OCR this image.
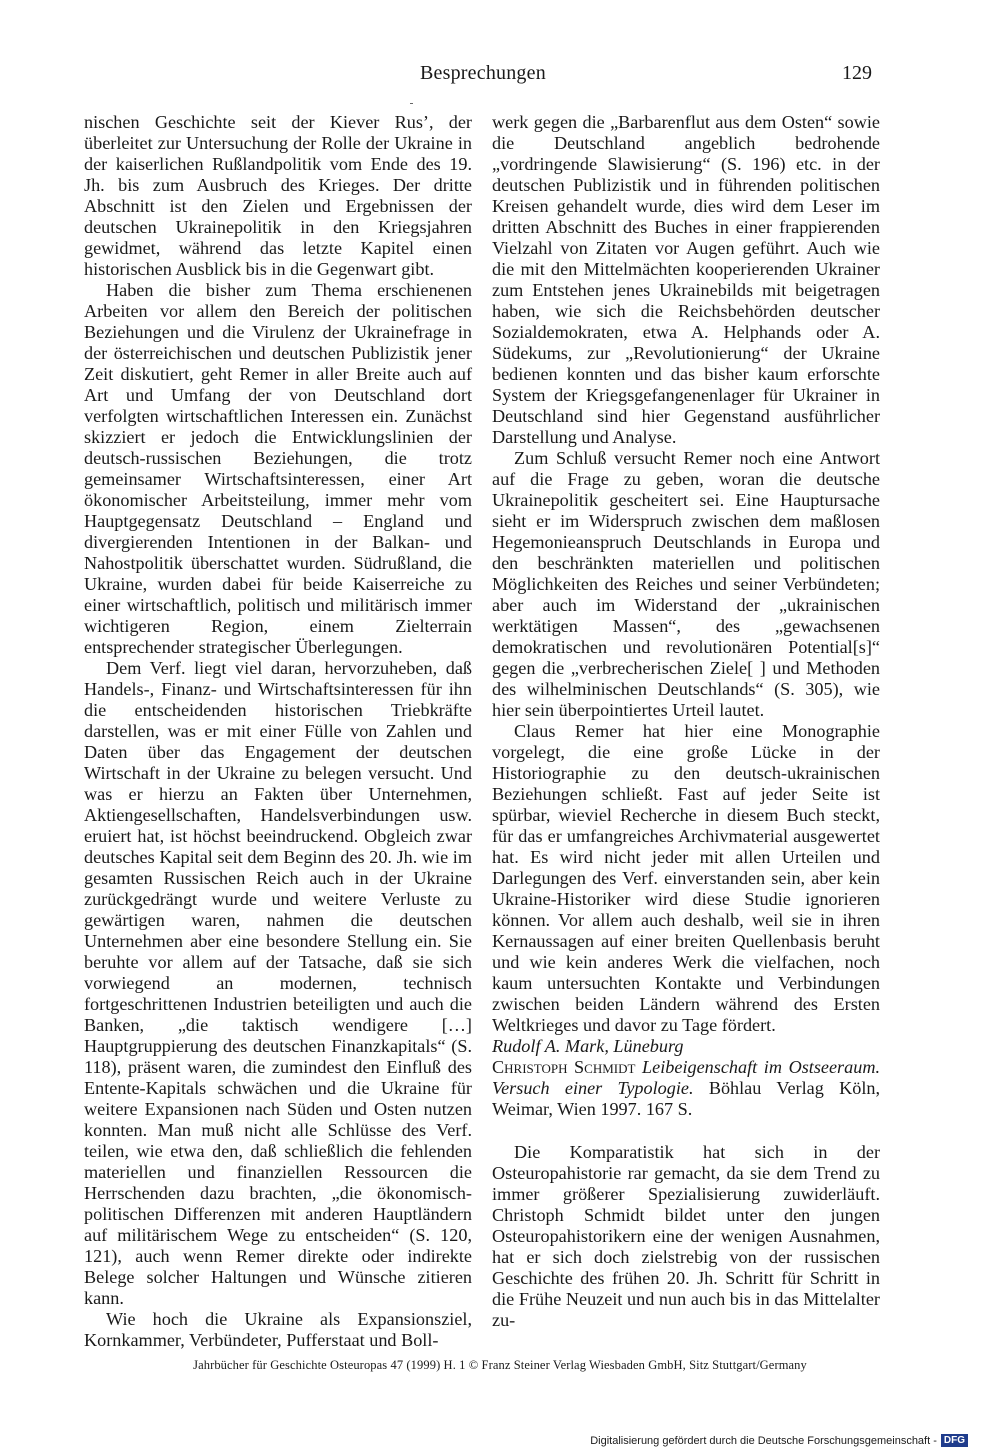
Besprechungen	129

nischen Geschichte seit der Kiever Rus’, der überleitet zur Untersuchung der Rolle der Ukraine in der kaiserlichen Rußlandpolitik vom Ende des 19. Jh. bis zum Ausbruch des Krieges. Der dritte Abschnitt ist den Zielen und Ergebnissen der deutschen Ukrainepolitik in den Kriegsjahren gewidmet, während das letzte Kapitel einen historischen Ausblick bis in die Gegenwart gibt.

Haben die bisher zum Thema erschienenen Arbeiten vor allem den Bereich der politischen Beziehungen und die Virulenz der Ukrainefrage in der österreichischen und deutschen Publizistik jener Zeit diskutiert, geht Remer in aller Breite auch auf Art und Umfang der von Deutschland dort verfolgten wirtschaftlichen Interessen ein. Zunächst skizziert er jedoch die Entwicklungslinien der deutsch-russischen Beziehungen, die trotz gemeinsamer Wirtschaftsinteressen, einer Art ökonomischer Arbeitsteilung, immer mehr vom Hauptgegensatz Deutschland – England und divergierenden Intentionen in der Balkan- und Nahostpolitik überschattet wurden. Südrußland, die Ukraine, wurden dabei für beide Kaiserreiche zu einer wirtschaftlich, politisch und militärisch immer wichtigeren Region, einem Zielterrain entsprechender strategischer Überlegungen.

Dem Verf. liegt viel daran, hervorzuheben, daß Handels-, Finanz- und Wirtschaftsinteressen für ihn die entscheidenden historischen Triebkräfte darstellen, was er mit einer Fülle von Zahlen und Daten über das Engagement der deutschen Wirtschaft in der Ukraine zu belegen versucht. Und was er hierzu an Fakten über Unternehmen, Aktiengesellschaften, Handelsverbindungen usw. eruiert hat, ist höchst beeindruckend. Obgleich zwar deutsches Kapital seit dem Beginn des 20. Jh. wie im gesamten Russischen Reich auch in der Ukraine zurückgedrängt wurde und weitere Verluste zu gewärtigen waren, nahmen die deutschen Unternehmen aber eine besondere Stellung ein. Sie beruhte vor allem auf der Tatsache, daß sie sich vorwiegend an modernen, technisch fortgeschrittenen Industrien beteiligten und auch die Banken, „die taktisch wendigere […] Hauptgruppierung des deutschen Finanzkapitals“ (S. 118), präsent waren, die zumindest den Einfluß des Entente-Kapitals schwächen und die Ukraine für weitere Expansionen nach Süden und Osten nutzen konnten. Man muß nicht alle Schlüsse des Verf. teilen, wie etwa den, daß schließlich die fehlenden materiellen und finanziellen Ressourcen die Herrschenden dazu brachten, „die ökonomisch-politischen Differenzen mit anderen Hauptländern auf militärischem Wege zu entscheiden“ (S. 120, 121), auch wenn Remer direkte oder indirekte Belege solcher Haltungen und Wünsche zitieren kann.

Wie hoch die Ukraine als Expansionsziel, Kornkammer, Verbündeter, Pufferstaat und Boll-

werk gegen die „Barbarenflut aus dem Osten“ sowie die Deutschland angeblich bedrohende „vordringende Slawisierung“ (S. 196) etc. in der deutschen Publizistik und in führenden politischen Kreisen gehandelt wurde, dies wird dem Leser im dritten Abschnitt des Buches in einer frappierenden Vielzahl von Zitaten vor Augen geführt. Auch wie die mit den Mittelmächten kooperierenden Ukrainer zum Entstehen jenes Ukrainebilds mit beigetragen haben, wie sich die Reichsbehörden deutscher Sozialdemokraten, etwa A. Helphands oder A. Südekums, zur „Revolutionierung“ der Ukraine bedienen konnten und das bisher kaum erforschte System der Kriegsgefangenenlager für Ukrainer in Deutschland sind hier Gegenstand ausführlicher Darstellung und Analyse.

Zum Schluß versucht Remer noch eine Antwort auf die Frage zu geben, woran die deutsche Ukrainepolitik gescheitert sei. Eine Hauptursache sieht er im Widerspruch zwischen dem maßlosen Hegemonieanspruch Deutschlands in Europa und den beschränkten materiellen und politischen Möglichkeiten des Reiches und seiner Verbündeten; aber auch im Widerstand der „ukrainischen werktätigen Massen“, des „gewachsenen demokratischen und revolutionären Potential[s]“ gegen die „verbrecherischen Ziele[ ] und Methoden des wilhelminischen Deutschlands“ (S. 305), wie hier sein überpointiertes Urteil lautet.

Claus Remer hat hier eine Monographie vorgelegt, die eine große Lücke in der Historiographie zu den deutsch-ukrainischen Beziehungen schließt. Fast auf jeder Seite ist spürbar, wieviel Recherche in diesem Buch steckt, für das er umfangreiches Archivmaterial ausgewertet hat. Es wird nicht jeder mit allen Urteilen und Darlegungen des Verf. einverstanden sein, aber kein Ukraine-Historiker wird diese Studie ignorieren können. Vor allem auch deshalb, weil sie in ihren Kernaussagen auf einer breiten Quellenbasis beruht und wie kein anderes Werk die vielfachen, noch kaum untersuchten Kontakte und Verbindungen zwischen beiden Ländern während des Ersten Weltkrieges und davor zu Tage fördert.

Rudolf A. Mark, Lüneburg

Christoph Schmidt Leibeigenschaft im Ostseeraum. Versuch einer Typologie. Böhlau Verlag Köln, Weimar, Wien 1997. 167 S.

Die Komparatistik hat sich in der Osteuropahistorie rar gemacht, da sie dem Trend zu immer größerer Spezialisierung zuwiderläuft. Christoph Schmidt bildet unter den jungen Osteuropahistorikern eine der wenigen Ausnahmen, hat er sich doch zielstrebig von der russischen Geschichte des frühen 20. Jh. Schritt für Schritt in die Frühe Neuzeit und nun auch bis in das Mittelalter zu-

Jahrbücher für Geschichte Osteuropas 47 (1999) H. 1 © Franz Steiner Verlag Wiesbaden GmbH, Sitz Stuttgart/Germany
Digitalisierung gefördert durch die Deutsche Forschungsgemeinschaft - DFG
